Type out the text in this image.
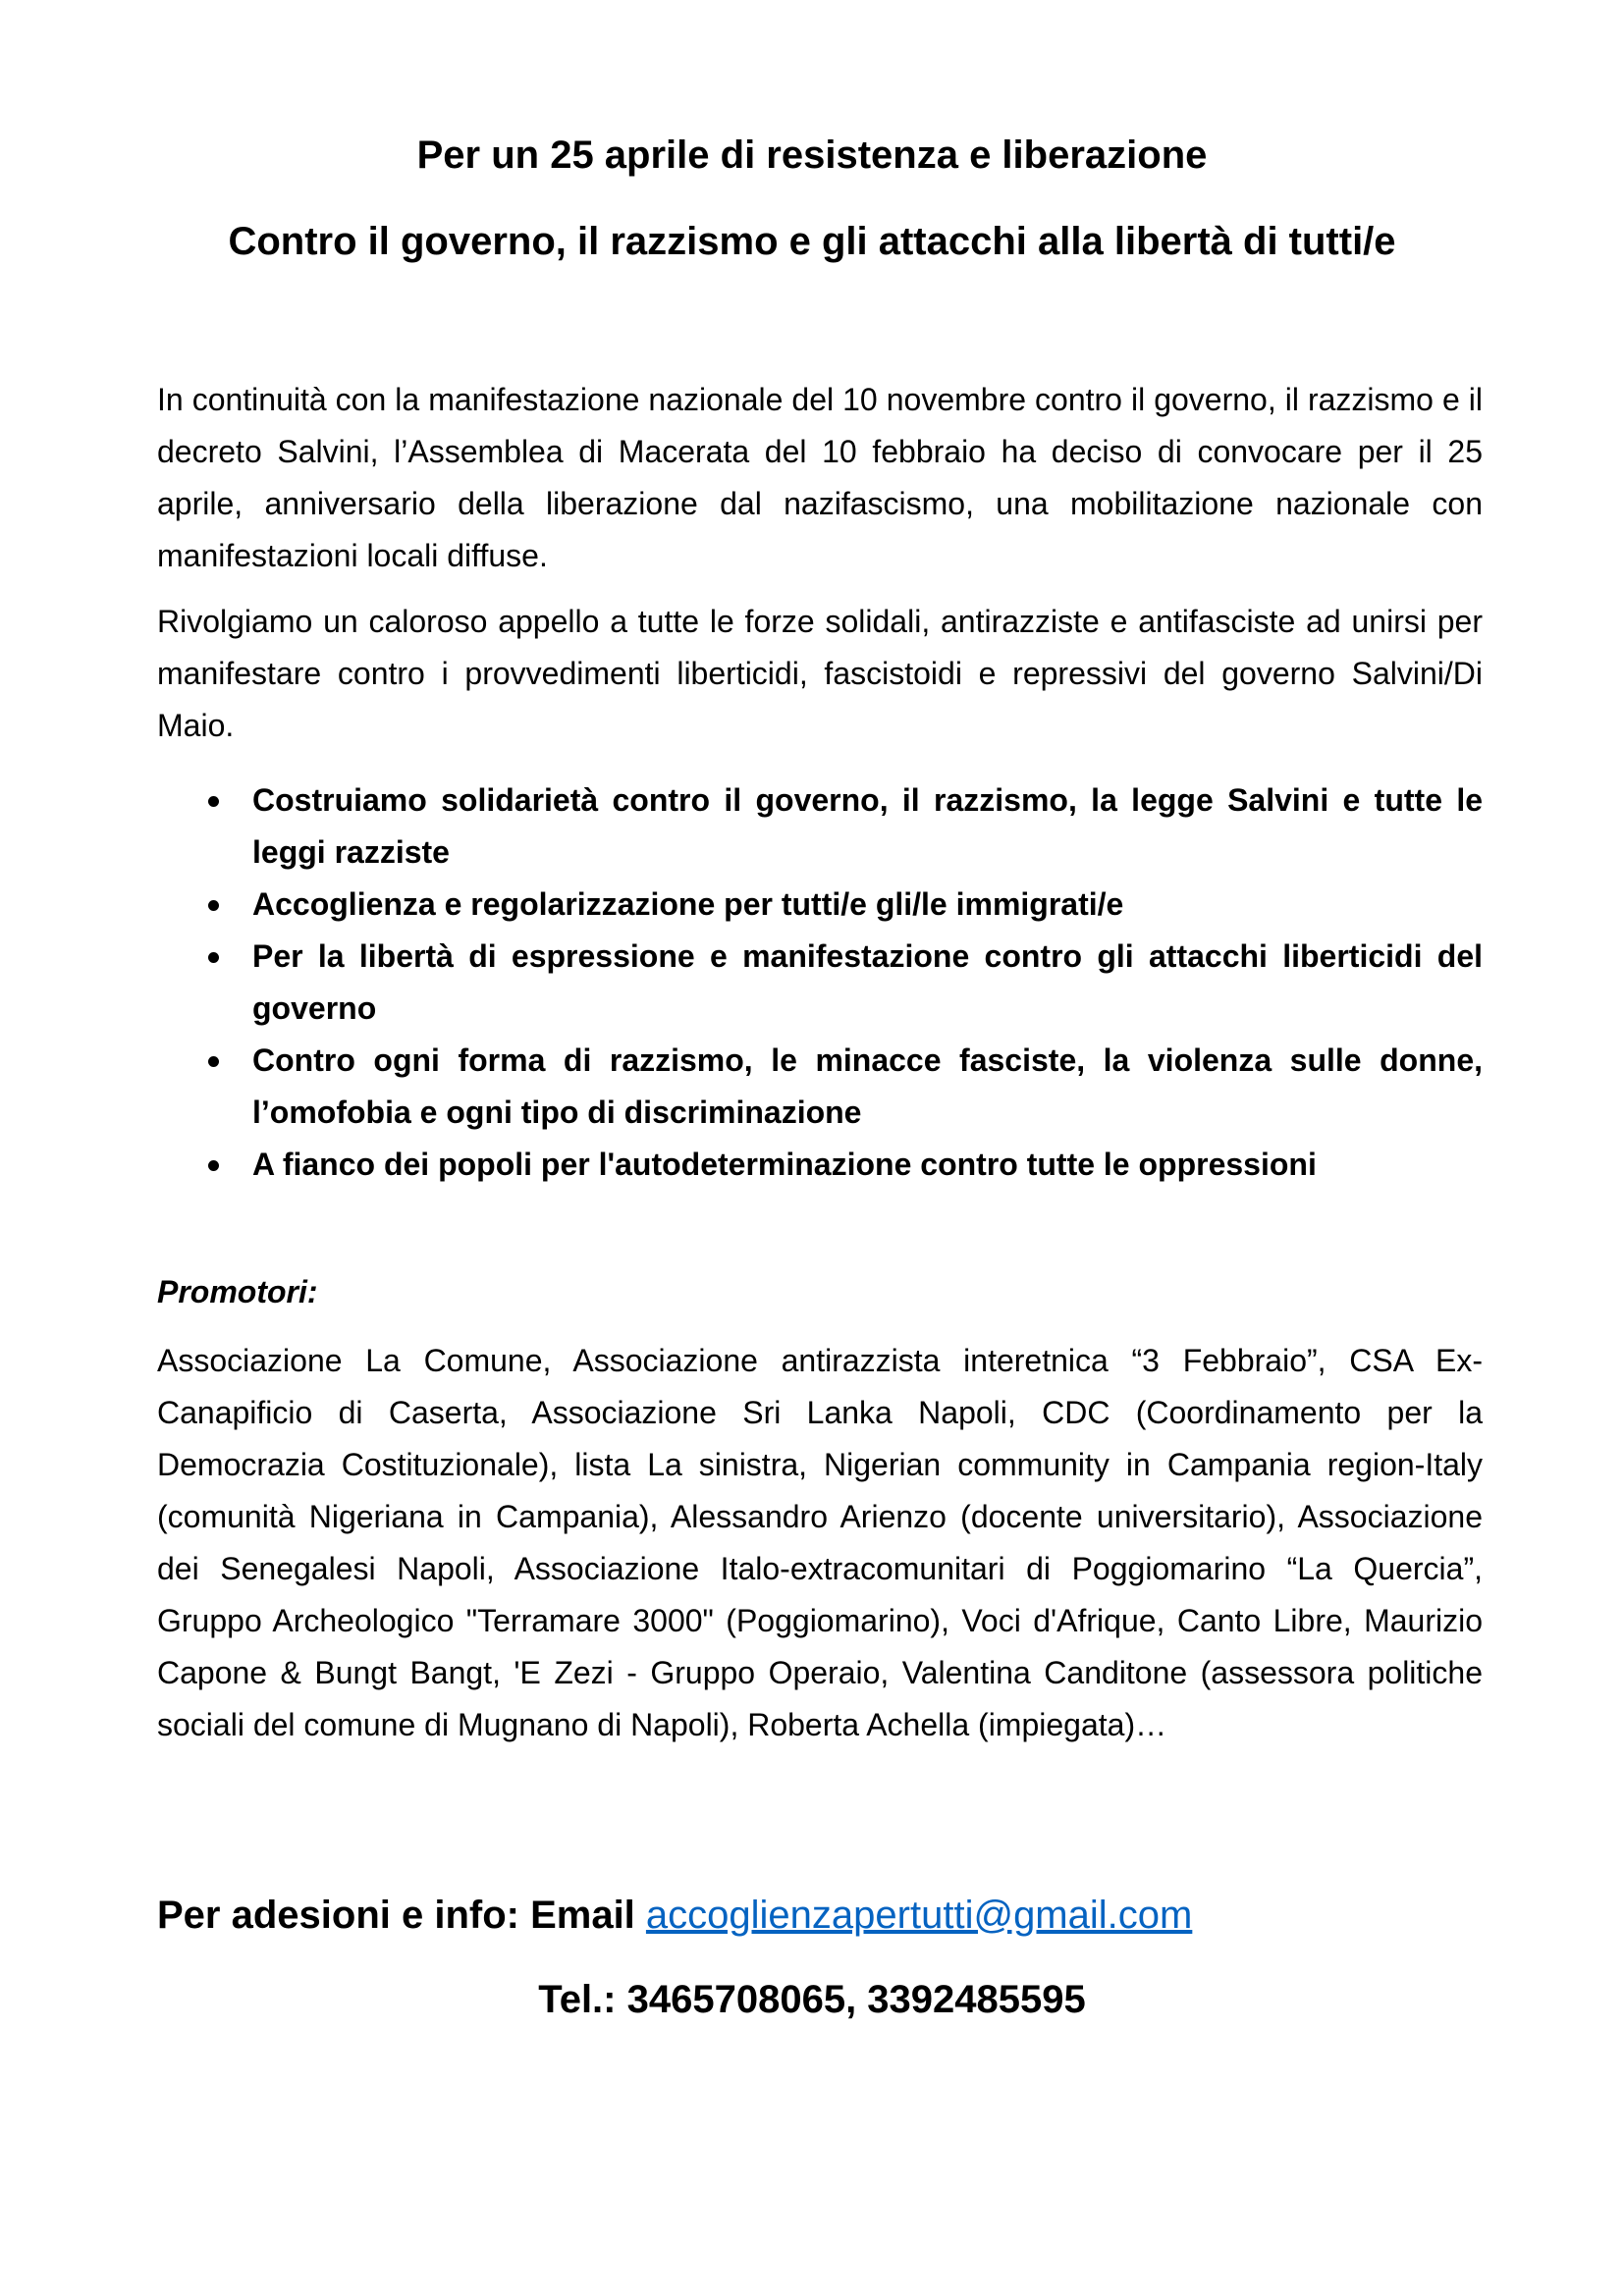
Per un 25 aprile di resistenza e liberazione
Contro il governo, il razzismo e gli attacchi alla libertà di tutti/e

In continuità con la manifestazione nazionale del 10 novembre contro il governo, il razzismo e il decreto Salvini, l’Assemblea di Macerata del 10 febbraio ha deciso di convocare per il 25 aprile, anniversario della liberazione dal nazifascismo, una mobilitazione nazionale con manifestazioni locali diffuse.

Rivolgiamo un caloroso appello a tutte le forze solidali, antirazziste e antifasciste ad unirsi per manifestare contro i provvedimenti liberticidi, fascistoidi e repressivi del governo Salvini/Di Maio.

Costruiamo solidarietà contro il governo, il razzismo, la legge Salvini e tutte le leggi razziste
Accoglienza e regolarizzazione per tutti/e gli/le immigrati/e
Per la libertà di espressione e manifestazione contro gli attacchi liberticidi del governo
Contro ogni forma di razzismo, le minacce fasciste, la violenza sulle donne, l’omofobia e ogni tipo di discriminazione
A fianco dei popoli per l'autodeterminazione contro tutte le oppressioni

Promotori:

Associazione La Comune, Associazione antirazzista interetnica “3 Febbraio”, CSA Ex-Canapificio di Caserta, Associazione Sri Lanka Napoli, CDC (Coordinamento per la Democrazia Costituzionale), lista La sinistra, Nigerian community in Campania region-Italy (comunità Nigeriana in Campania), Alessandro Arienzo (docente universitario), Associazione dei Senegalesi Napoli, Associazione Italo-extracomunitari di Poggiomarino “La Quercia”, Gruppo Archeologico "Terramare 3000" (Poggiomarino), Voci d'Afrique, Canto Libre, Maurizio Capone & Bungt Bangt, 'E Zezi - Gruppo Operaio, Valentina Canditone (assessora politiche sociali del comune di Mugnano di Napoli), Roberta Achella (impiegata)…

Per adesioni e info: Email accoglienzapertutti@gmail.com

Tel.: 3465708065, 3392485595
